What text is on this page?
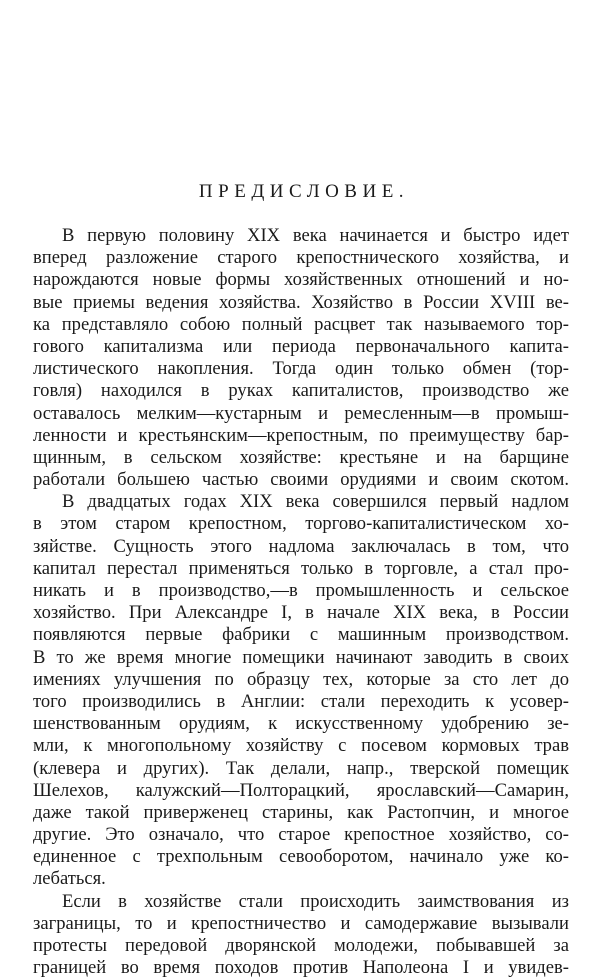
ПРЕДИСЛОВИЕ.
В первую половину XIX века начинается и быстро идет
вперед разложение старого крепостнического хозяйства, и
нарождаются новые формы хозяйственных отношений и но-
вые приемы ведения хозяйства. Хозяйство в России XVIII ве-
ка представляло собою полный расцвет так называемого тор-
гового капитализма или периода первоначального капита-
листического накопления. Тогда один только обмен (тор-
говля) находился в руках капиталистов, производство же
оставалось мелким—кустарным и ремесленным—в промыш-
ленности и крестьянским—крепостным, по преимуществу бар-
щинным, в сельском хозяйстве: крестьяне и на барщине
работали большею частью своими орудиями и своим скотом.
В двадцатых годах XIX века совершился первый надлом
в этом старом крепостном, торгово-капиталистическом хо-
зяйстве. Сущность этого надлома заключалась в том, что
капитал перестал применяться только в торговле, а стал про-
никать и в производство,—в промышленность и сельское
хозяйство. При Александре I, в начале XIX века, в России
появляются первые фабрики с машинным производством.
В то же время многие помещики начинают заводить в своих
имениях улучшения по образцу тех, которые за сто лет до
того производились в Англии: стали переходить к усовер-
шенствованным орудиям, к искусственному удобрению зе-
мли, к многопольному хозяйству с посевом кормовых трав
(клевера и других). Так делали, напр., тверской помещик
Шелехов, калужский—Полторацкий, ярославский—Самарин,
даже такой приверженец старины, как Растопчин, и многое
другие. Это означало, что старое крепостное хозяйство, со-
единенное с трехпольным севооборотом, начинало уже ко-
лебаться.
Если в хозяйстве стали происходить заимствования из
заграницы, то и крепостничество и самодержавие вызывали
протесты передовой дворянской молодежи, побывавшей за
границей во время походов против Наполеона I и увидев-
